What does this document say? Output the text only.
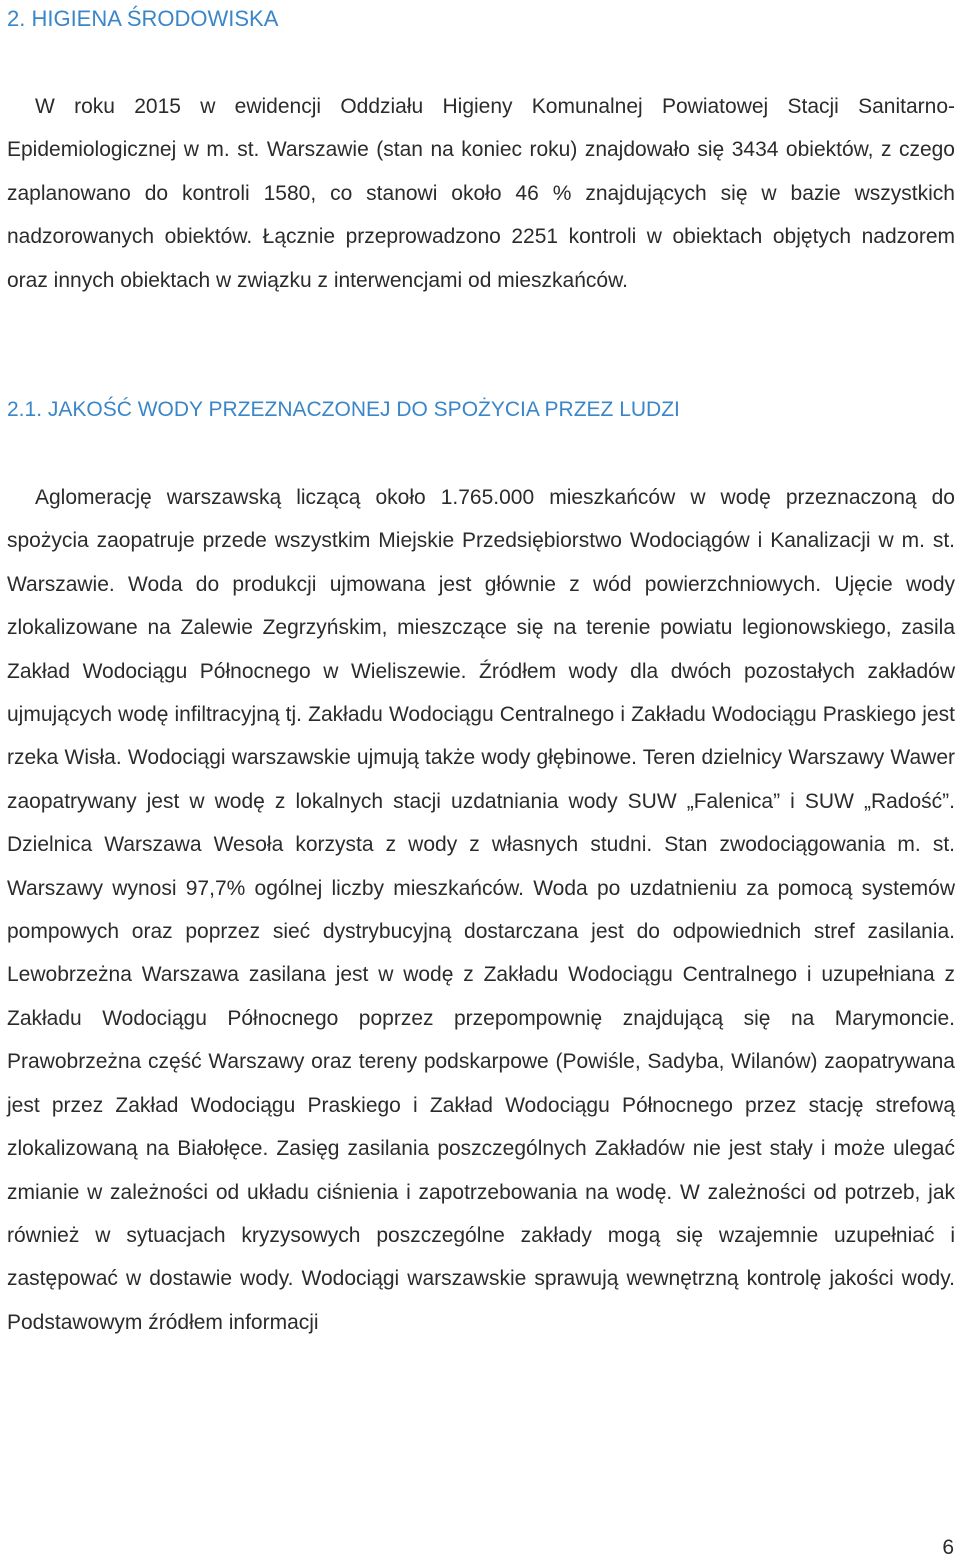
2. HIGIENA ŚRODOWISKA

W roku 2015 w ewidencji Oddziału Higieny Komunalnej Powiatowej Stacji Sanitarno-Epidemiologicznej w m. st. Warszawie (stan na koniec roku) znajdowało się 3434 obiektów, z czego zaplanowano do kontroli 1580, co stanowi około 46 % znajdujących się w bazie wszystkich nadzorowanych obiektów. Łącznie przeprowadzono 2251 kontroli w obiektach objętych nadzorem oraz innych obiektach w związku z interwencjami od mieszkańców.

2.1. JAKOŚĆ WODY PRZEZNACZONEJ DO SPOŻYCIA PRZEZ LUDZI

Aglomerację warszawską liczącą około 1.765.000 mieszkańców w wodę przeznaczoną do spożycia zaopatruje przede wszystkim Miejskie Przedsiębiorstwo Wodociągów i Kanalizacji w m. st. Warszawie. Woda do produkcji ujmowana jest głównie z wód powierzchniowych. Ujęcie wody zlokalizowane na Zalewie Zegrzyńskim, mieszczące się na terenie powiatu legionowskiego, zasila Zakład Wodociągu Północnego w Wieliszewie. Źródłem wody dla dwóch pozostałych zakładów ujmujących wodę infiltracyjną tj. Zakładu Wodociągu Centralnego i Zakładu Wodociągu Praskiego jest rzeka Wisła. Wodociągi warszawskie ujmują także wody głębinowe. Teren dzielnicy Warszawy Wawer zaopatrywany jest w wodę z lokalnych stacji uzdatniania wody SUW „Falenica” i SUW „Radość”. Dzielnica Warszawa Wesoła korzysta z wody z własnych studni. Stan zwodociągowania m. st. Warszawy wynosi 97,7% ogólnej liczby mieszkańców. Woda po uzdatnieniu za pomocą systemów pompowych oraz poprzez sieć dystrybucyjną dostarczana jest do odpowiednich stref zasilania. Lewobrzeżna Warszawa zasilana jest w wodę z Zakładu Wodociągu Centralnego i uzupełniana z Zakładu Wodociągu Północnego poprzez przepompownię znajdującą się na Marymoncie. Prawobrzeżna część Warszawy oraz tereny podskarpowe (Powiśle, Sadyba, Wilanów) zaopatrywana jest przez Zakład Wodociągu Praskiego i Zakład Wodociągu Północnego przez stację strefową zlokalizowaną na Białołęce. Zasięg zasilania poszczególnych Zakładów nie jest stały i może ulegać zmianie w zależności od układu ciśnienia i zapotrzebowania na wodę. W zależności od potrzeb, jak również w sytuacjach kryzysowych poszczególne zakłady mogą się wzajemnie uzupełniać i zastępować w dostawie wody. Wodociągi warszawskie sprawują wewnętrzną kontrolę jakości wody. Podstawowym źródłem informacji

6
